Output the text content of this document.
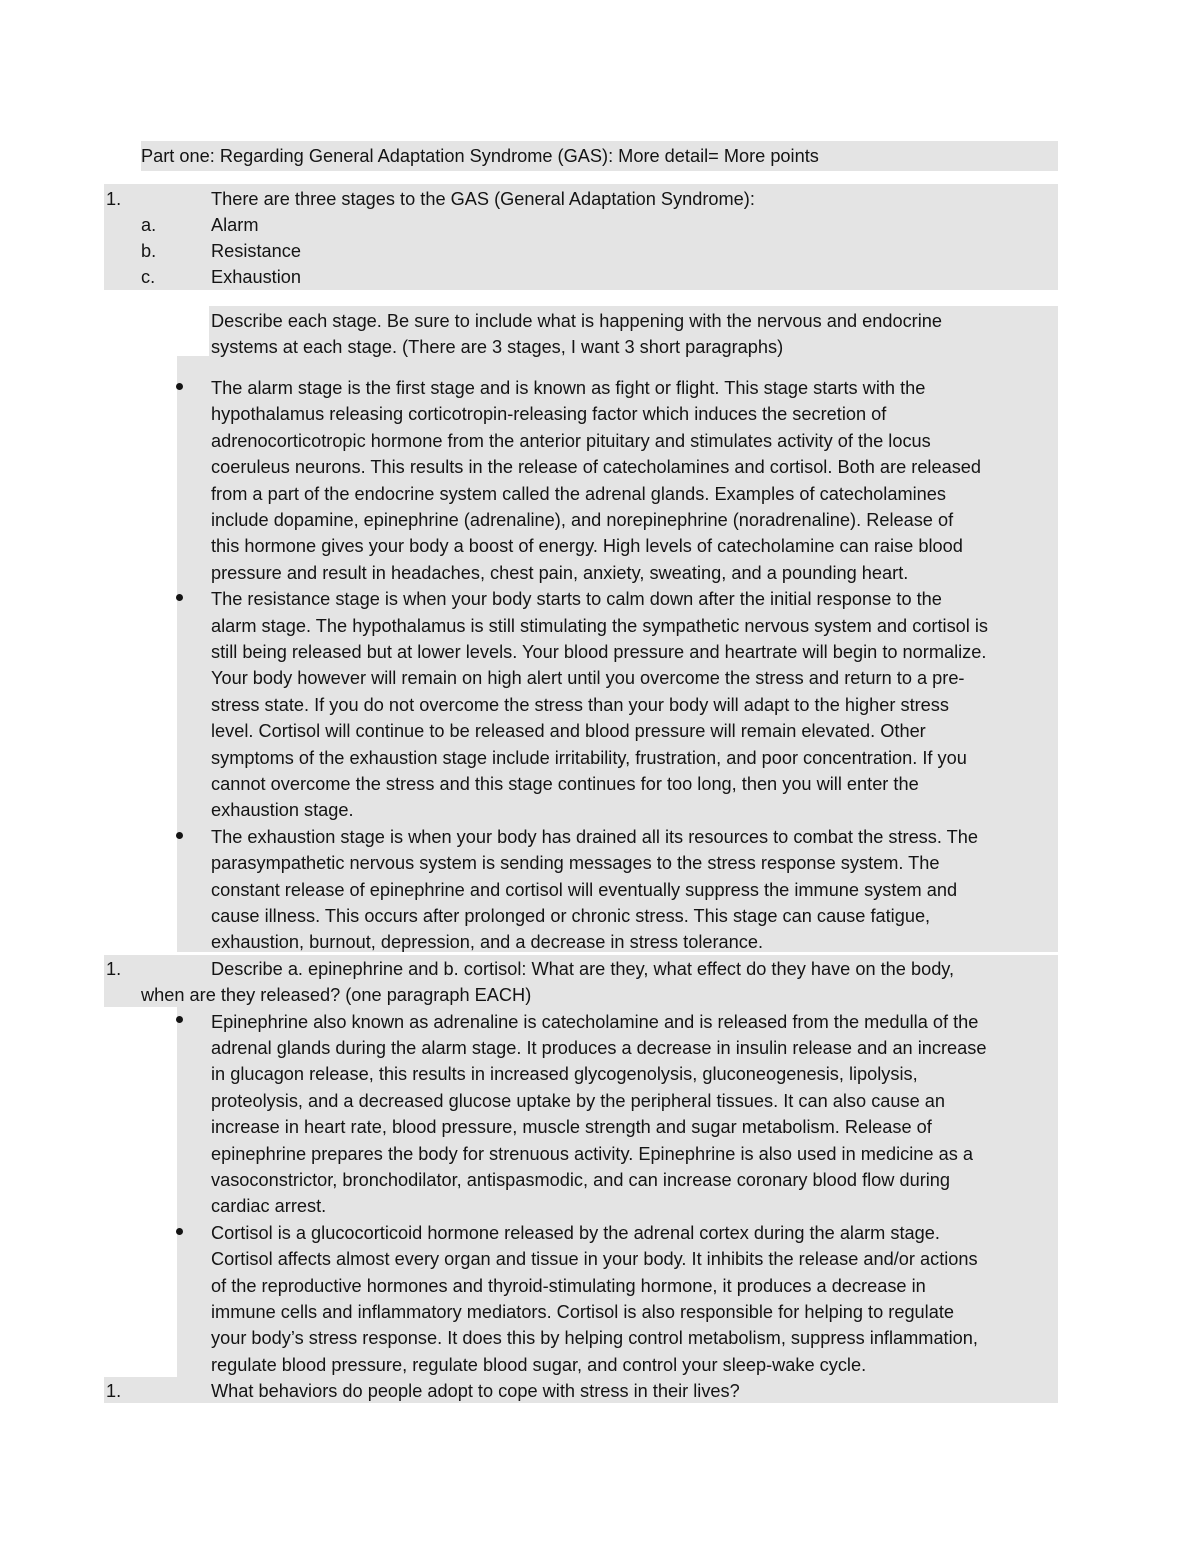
Part one: Regarding General Adaptation Syndrome (GAS): More detail= More points
1.	There are three stages to the GAS (General Adaptation Syndrome):
a.	Alarm
b.	Resistance
c.	Exhaustion
Describe each stage. Be sure to include what is happening with the nervous and endocrine
systems at each stage. (There are 3 stages, I want 3 short paragraphs)
The alarm stage is the first stage and is known as fight or flight. This stage starts with the
hypothalamus releasing corticotropin-releasing factor which induces the secretion of
adrenocorticotropic hormone from the anterior pituitary and stimulates activity of the locus
coeruleus neurons. This results in the release of catecholamines and cortisol. Both are released
from a part of the endocrine system called the adrenal glands. Examples of catecholamines
include dopamine, epinephrine (adrenaline), and norepinephrine (noradrenaline). Release of
this hormone gives your body a boost of energy. High levels of catecholamine can raise blood
pressure and result in headaches, chest pain, anxiety, sweating, and a pounding heart.
The resistance stage is when your body starts to calm down after the initial response to the
alarm stage. The hypothalamus is still stimulating the sympathetic nervous system and cortisol is
still being released but at lower levels. Your blood pressure and heartrate will begin to normalize.
Your body however will remain on high alert until you overcome the stress and return to a pre-
stress state. If you do not overcome the stress than your body will adapt to the higher stress
level. Cortisol will continue to be released and blood pressure will remain elevated. Other
symptoms of the exhaustion stage include irritability, frustration, and poor concentration. If you
cannot overcome the stress and this stage continues for too long, then you will enter the
exhaustion stage.
The exhaustion stage is when your body has drained all its resources to combat the stress. The
parasympathetic nervous system is sending messages to the stress response system. The
constant release of epinephrine and cortisol will eventually suppress the immune system and
cause illness. This occurs after prolonged or chronic stress. This stage can cause fatigue,
exhaustion, burnout, depression, and a decrease in stress tolerance.
1.	Describe a. epinephrine and b. cortisol: What are they, what effect do they have on the body,
when are they released? (one paragraph EACH)
Epinephrine also known as adrenaline is catecholamine and is released from the medulla of the
adrenal glands during the alarm stage. It produces a decrease in insulin release and an increase
in glucagon release, this results in increased glycogenolysis, gluconeogenesis, lipolysis,
proteolysis, and a decreased glucose uptake by the peripheral tissues. It can also cause an
increase in heart rate, blood pressure, muscle strength and sugar metabolism. Release of
epinephrine prepares the body for strenuous activity. Epinephrine is also used in medicine as a
vasoconstrictor, bronchodilator, antispasmodic, and can increase coronary blood flow during
cardiac arrest.
Cortisol is a glucocorticoid hormone released by the adrenal cortex during the alarm stage.
Cortisol affects almost every organ and tissue in your body. It inhibits the release and/or actions
of the reproductive hormones and thyroid-stimulating hormone, it produces a decrease in
immune cells and inflammatory mediators. Cortisol is also responsible for helping to regulate
your body’s stress response. It does this by helping control metabolism, suppress inflammation,
regulate blood pressure, regulate blood sugar, and control your sleep-wake cycle.
1.	What behaviors do people adopt to cope with stress in their lives?
